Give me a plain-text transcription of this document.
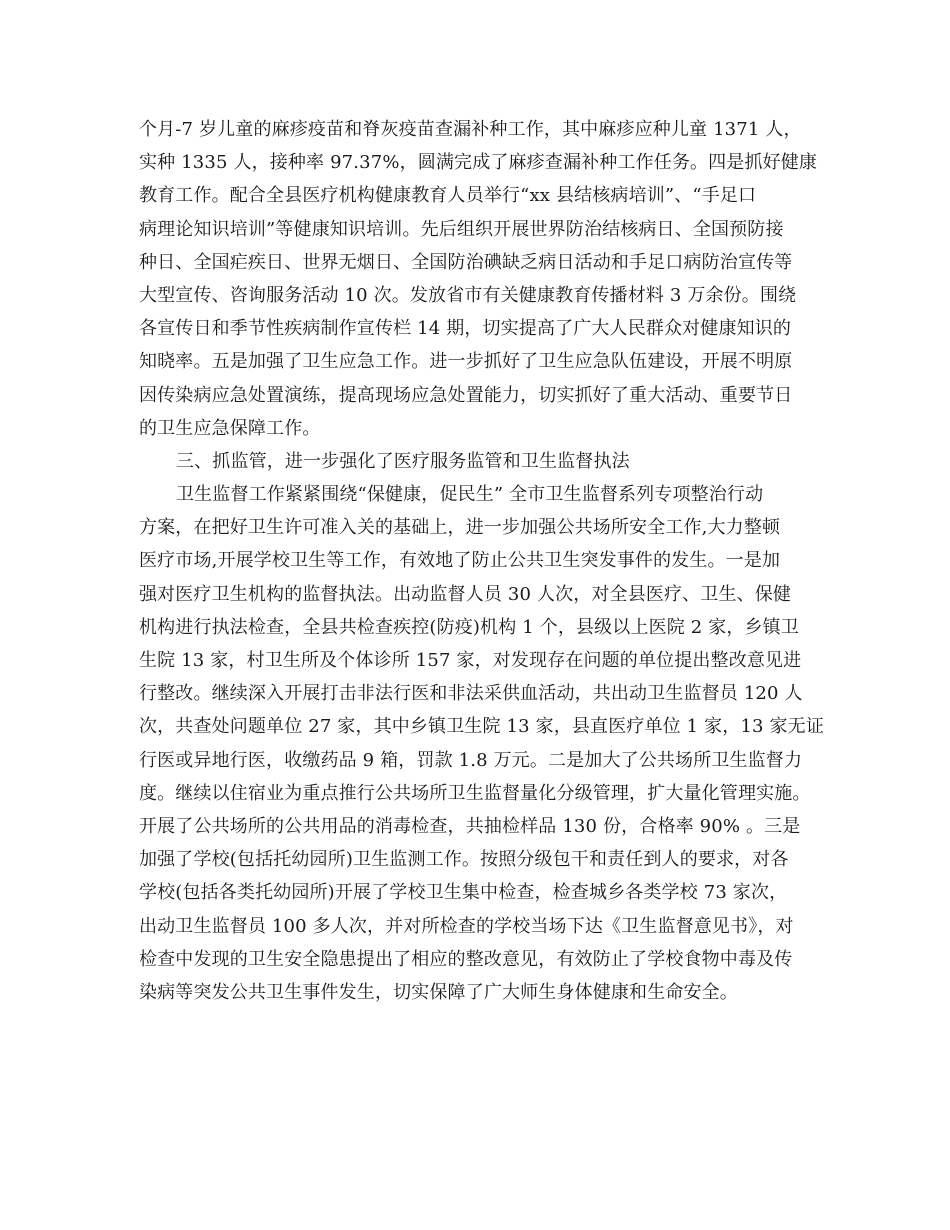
个月-7 岁儿童的麻疹疫苗和脊灰疫苗查漏补种工作，其中麻疹应种儿童 1371 人，
实种 1335 人，接种率 97.37%，圆满完成了麻疹查漏补种工作任务。四是抓好健康
教育工作。配合全县医疗机构健康教育人员举行“xx 县结核病培训”、“手足口
病理论知识培训”等健康知识培训。先后组织开展世界防治结核病日、全国预防接
种日、全国疟疾日、世界无烟日、全国防治碘缺乏病日活动和手足口病防治宣传等
大型宣传、咨询服务活动 10 次。发放省市有关健康教育传播材料 3 万余份。围绕
各宣传日和季节性疾病制作宣传栏 14 期，切实提高了广大人民群众对健康知识的
知晓率。五是加强了卫生应急工作。进一步抓好了卫生应急队伍建设，开展不明原
因传染病应急处置演练，提高现场应急处置能力，切实抓好了重大活动、重要节日
的卫生应急保障工作。
三、抓监管，进一步强化了医疗服务监管和卫生监督执法
卫生监督工作紧紧围绕“保健康，促民生” 全市卫生监督系列专项整治行动
方案，在把好卫生许可准入关的基础上，进一步加强公共场所安全工作,大力整顿
医疗市场,开展学校卫生等工作，有效地了防止公共卫生突发事件的发生。一是加
强对医疗卫生机构的监督执法。出动监督人员 30 人次，对全县医疗、卫生、保健
机构进行执法检查，全县共检查疾控(防疫)机构 1 个，县级以上医院 2 家，乡镇卫
生院 13 家，村卫生所及个体诊所 157 家，对发现存在问题的单位提出整改意见进
行整改。继续深入开展打击非法行医和非法采供血活动，共出动卫生监督员 120 人
次，共查处问题单位 27 家，其中乡镇卫生院 13 家，县直医疗单位 1 家，13 家无证
行医或异地行医，收缴药品 9 箱，罚款 1.8 万元。二是加大了公共场所卫生监督力
度。继续以住宿业为重点推行公共场所卫生监督量化分级管理，扩大量化管理实施。
开展了公共场所的公共用品的消毒检查，共抽检样品 130 份，合格率 90% 。三是
加强了学校(包括托幼园所)卫生监测工作。按照分级包干和责任到人的要求，对各
学校(包括各类托幼园所)开展了学校卫生集中检查，检查城乡各类学校 73 家次，
出动卫生监督员 100 多人次，并对所检查的学校当场下达《卫生监督意见书》，对
检查中发现的卫生安全隐患提出了相应的整改意见，有效防止了学校食物中毒及传
染病等突发公共卫生事件发生，切实保障了广大师生身体健康和生命安全。
